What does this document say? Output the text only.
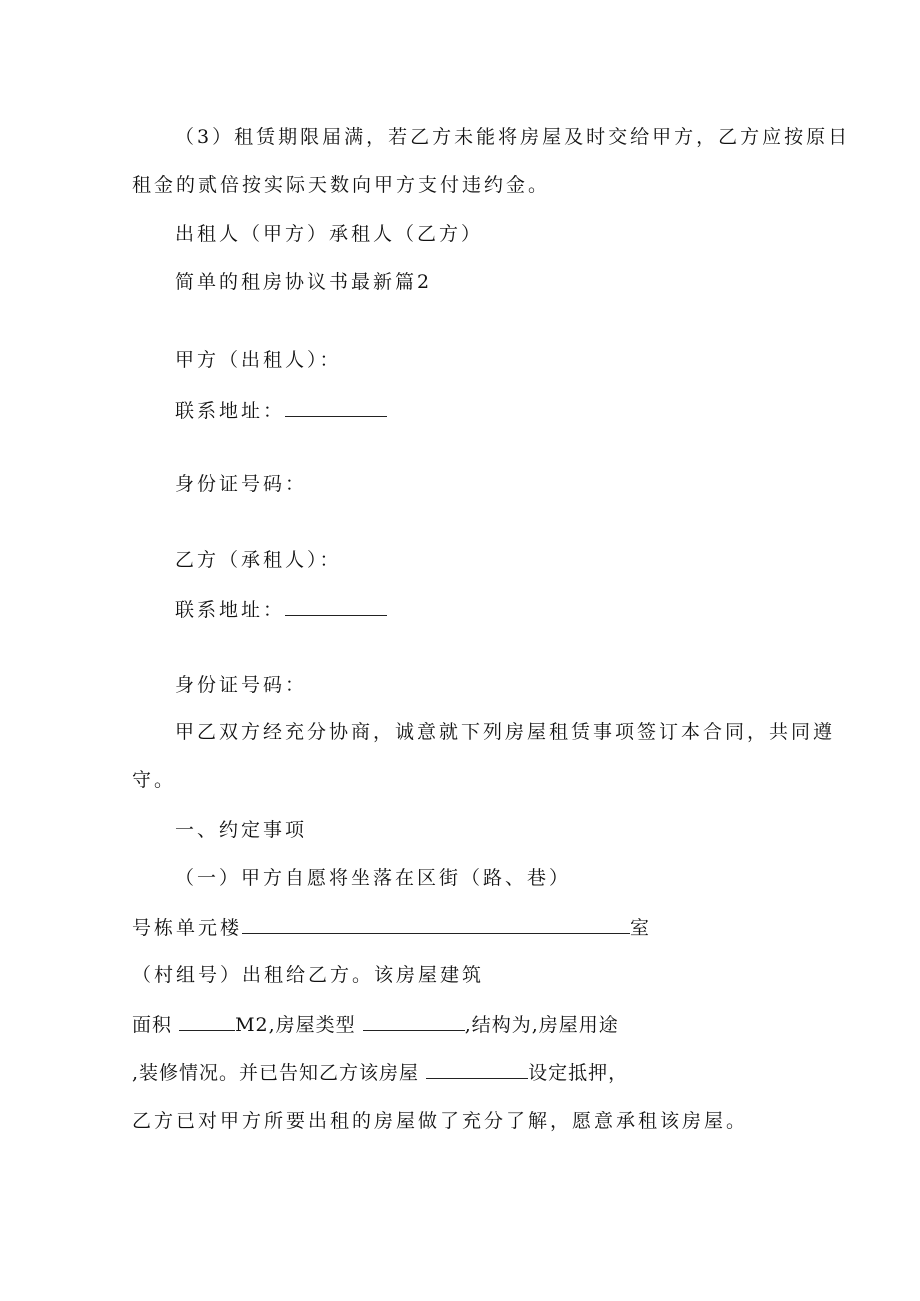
（3）租赁期限届满，若乙方未能将房屋及时交给甲方，乙方应按原日
租金的贰倍按实际天数向甲方支付违约金。
出租人（甲方）承租人（乙方）
简单的租房协议书最新篇2
甲方（出租人）：
联系地址：
身份证号码：
乙方（承租人）：
联系地址：
身份证号码：
甲乙双方经充分协商，诚意就下列房屋租赁事项签订本合同，共同遵
守。
一、约定事项
（一）甲方自愿将坐落在区街（路、巷）
号栋单元楼	室
（村组号）出租给乙方。该房屋建筑
面积	M2,房屋类型	,结构为,房屋用途
,装修情况。并已告知乙方该房屋	设定抵押，
乙方已对甲方所要出租的房屋做了充分了解，愿意承租该房屋。
